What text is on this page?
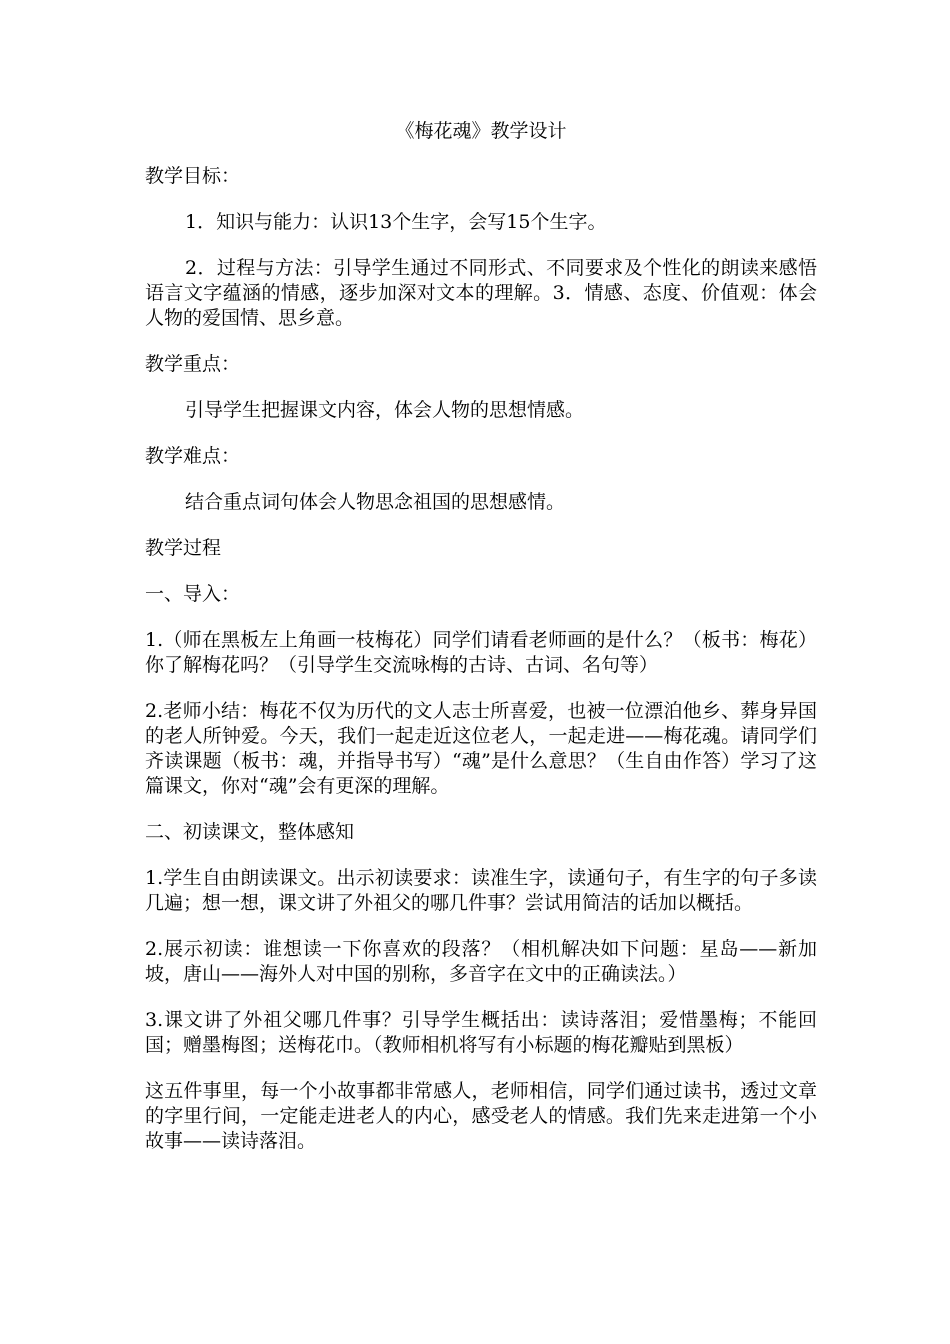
《梅花魂》教学设计
教学目标：
1．知识与能力：认识13个生字，会写15个生字。
2．过程与方法：引导学生通过不同形式、不同要求及个性化的朗读来感悟语言文字蕴涵的情感，逐步加深对文本的理解。3．情感、态度、价值观：体会人物的爱国情、思乡意。
教学重点：
引导学生把握课文内容，体会人物的思想情感。
教学难点：
结合重点词句体会人物思念祖国的思想感情。
教学过程
一、导入：
1.（师在黑板左上角画一枝梅花）同学们请看老师画的是什么？（板书：梅花）你了解梅花吗？（引导学生交流咏梅的古诗、古词、名句等）
2.老师小结：梅花不仅为历代的文人志士所喜爱，也被一位漂泊他乡、葬身异国的老人所钟爱。今天，我们一起走近这位老人，一起走进——梅花魂。请同学们齐读课题（板书：魂，并指导书写）“魂”是什么意思？（生自由作答）学习了这篇课文，你对“魂”会有更深的理解。
二、初读课文，整体感知
1.学生自由朗读课文。出示初读要求：读准生字，读通句子，有生字的句子多读几遍；想一想，课文讲了外祖父的哪几件事？尝试用简洁的话加以概括。
2.展示初读：谁想读一下你喜欢的段落？（相机解决如下问题：星岛——新加坡，唐山——海外人对中国的别称，多音字在文中的正确读法。）
3.课文讲了外祖父哪几件事？引导学生概括出：读诗落泪；爱惜墨梅；不能回国；赠墨梅图；送梅花巾。（教师相机将写有小标题的梅花瓣贴到黑板）
这五件事里，每一个小故事都非常感人，老师相信，同学们通过读书，透过文章的字里行间，一定能走进老人的内心，感受老人的情感。我们先来走进第一个小故事——读诗落泪。
